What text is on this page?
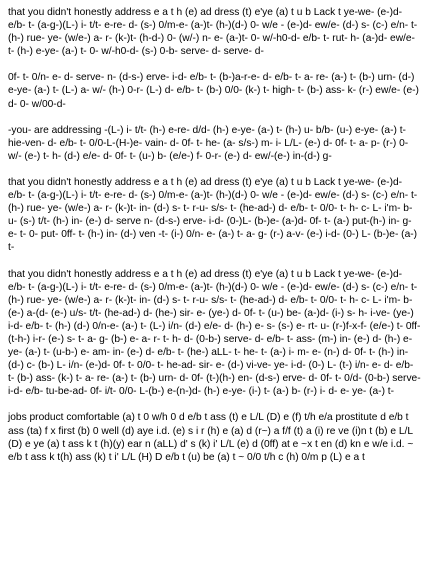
that you didn't honestly address e a t h (e) ad dress (t) e'ye (a) t u b Lack t ye-we- (e-)d- e/b- t- (a-g-)(L-) i- t/t- e-re- d- (s-) 0/m-e- (a-)t- (h-)(d-) 0- w/e - (e-)d- ew/e- (d-) s- (c-) e/n- t- (h-) rue- ye- (w/e-) a- r- (k-)t- (h-d-) 0- (w/-) n- e- (a-)t- 0- w/-h0-d- e/b- t- rut- h- (a-)d- ew/e- t- (h-) e-ye- (a-) t- 0- w/-h0-d- (s-) 0-b- serve- d- serve- d-

0f- t- 0/n- e- d- serve- n- (d-s-) erve- i-d- e/b- t- (b-)a-r-e- d- e/b- t- a- re- (a-) t- (b-) urn- (d-) e-ye- (a-) t- (L-) a- w/- (h-) 0-r- (L-) d- e/b- t- (b-) 0/0- (k-) t- high- t- (b-) ass- k- (r-) ew/e- (e-) d- 0- w/00-d-

-you- are addressing -(L-) i- t/t- (h-) e-re- d/d- (h-) e-ye- (a-) t- (h-) u- b/b- (u-) e-ye- (a-) t- hie-ven- d- e/b- t- 0/0-L-(H-)e- vain- d- 0f- t- he- (a- s/s-) m- i- L/L- (e-) d- 0f- t- a- p- (r-) 0- w/- (e-) t- h- (d-) e/e- d- 0f- t- (u-) b- (e/e-) f- 0-r- (e-) d- ew/-(e-) in-(d-) g-

that you didn't honestly address e a t h (e) ad dress (t) e'ye (a) t u b Lack t ye-we- (e-)d- e/b- t- (a-g-)(L-) i- t/t- e-re- d- (s-) 0/m-e- (a-)t- (h-)(d-) 0- w/e - (e-)d- ew/e- (d-) s- (c-) e/n- t- (h-) rue- ye- (w/e-) a- r- (k-)t- in- (d-) s- t- r-u- s/s- t- (he-ad-) d- e/b- t- 0/0- t- h- c- L- i'm- b- u- (s-) t/t- (h-) in- (e-) d- serve n- (d-s-) erve- i-d- (0-)L- (b-)e- (a-)d- 0f- t- (a-) put-(h-) in- g- e- t- 0- put- 0ff- t- (h-) in- (d-) ven -t- (i-) 0/n- e- (a-) t- a- g- (r-) a-v- (e-) i-d- (0-) L- (b-)e- (a-) t-

that you didn't honestly address e a t h (e) ad dress (t) e'ye (a) t u b Lack t ye-we- (e-)d- e/b- t- (a-g-)(L-) i- t/t- e-re- d- (s-) 0/m-e- (a-)t- (h-)(d-) 0- w/e - (e-)d- ew/e- (d-) s- (c-) e/n- t- (h-) rue- ye- (w/e-) a- r- (k-)t- in- (d-) s- t- r-u- s/s- t- (he-ad-) d- e/b- t- 0/0- t- h- c- L- i'm- b- (e-) a-(d- (e-) u/s- t/t- (he-ad-) d- (he-) sir- e- (ye-) d- 0f- t- (u-) be- (a-)d- (i-) s- h- i-ve- (ye-) i-d- e/b- t- (h-) (d-) 0/n-e- (a-) t- (L-) i/n- (d-) e/e- d- (h-) e- s- (s-) e- rt- u- (r-)f-x-f- (e/e-) t- 0ff- (t-h-) i-r- (e-) s- t- a- g- (b-) e- a- r- t- h- d- (0-b-) serve- d- e/b- t- ass- (m-) in- (e-) d- (h-) e-ye- (a-) t- (u-b-) e- am- in- (e-) d- e/b- t- (he-) aLL- t- he- t- (a-) i- m- e- (n-) d- 0f- t- (h-) in- (d-) c- (b-) L- i/n- (e-)d- 0f- t- 0/0- t- he-ad- sir- e- (d-) vi-ve- ye- i-d- (0-) L- (t-) i/n- e- d- e/b- t- (b-) ass- (k-) t- a- re- (a-) t- (b-) urn- d- 0f- (t-)(h-) en- (d-s-) erve- d- 0f- t- 0/d- (0-b-) serve- i-d- e/b- tu-be-ad- 0f- i/t- 0/0- L-(b-) e-(n-)d- (h-) e-ye- (i-) t- (a-) b- (r-) i- d- e- ye- (a-) t-

jobs product comfortable (a) t 0 w/h 0 d e/b t ass (t) e L/L (D) e (f) t/h e/a prostitute d e/b t ass (ta) f x first (b) 0 well (d) aye i.d. (e) s i r (h) e (a) d (r~) a f/f (t) a (i) re ve (i)n t (b) e L/L (D) e ye (a) t ass k t (h)(y) ear n (aLL) d' s (k) i' L/L (e) d (0ff) at e ~x t en (d) kn e w/e i.d. ~ e/b t ass k t(h) ass (k) t i' L/L (H) D e/b t (u) be (a) t ~ 0/0 t/h c (h) 0/m p (L) e a t
